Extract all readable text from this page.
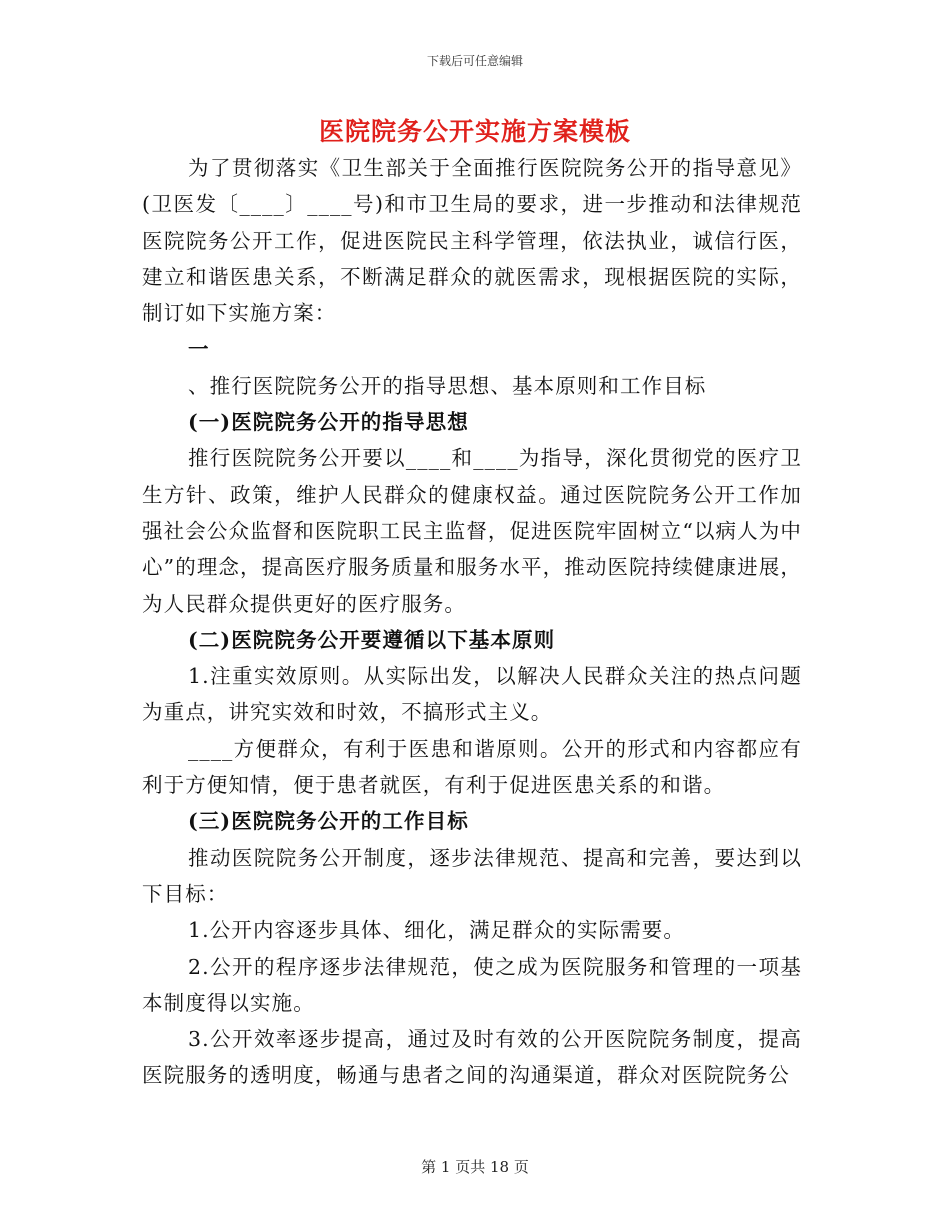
下载后可任意编辑
医院院务公开实施方案模板

为了贯彻落实《卫生部关于全面推行医院院务公开的指导意见》(卫医发〔____〕____号)和市卫生局的要求，进一步推动和法律规范医院院务公开工作，促进医院民主科学管理，依法执业，诚信行医，建立和谐医患关系，不断满足群众的就医需求，现根据医院的实际，制订如下实施方案：

一

、推行医院院务公开的指导思想、基本原则和工作目标

(一)医院院务公开的指导思想

推行医院院务公开要以____和____为指导，深化贯彻党的医疗卫生方针、政策，维护人民群众的健康权益。通过医院院务公开工作加强社会公众监督和医院职工民主监督，促进医院牢固树立“以病人为中心”的理念，提高医疗服务质量和服务水平，推动医院持续健康进展，为人民群众提供更好的医疗服务。

(二)医院院务公开要遵循以下基本原则

1.注重实效原则。从实际出发，以解决人民群众关注的热点问题为重点，讲究实效和时效，不搞形式主义。

____方便群众，有利于医患和谐原则。公开的形式和内容都应有利于方便知情，便于患者就医，有利于促进医患关系的和谐。

(三)医院院务公开的工作目标

推动医院院务公开制度，逐步法律规范、提高和完善，要达到以下目标：

1.公开内容逐步具体、细化，满足群众的实际需要。

2.公开的程序逐步法律规范，使之成为医院服务和管理的一项基本制度得以实施。

3.公开效率逐步提高，通过及时有效的公开医院院务制度，提高医院服务的透明度，畅通与患者之间的沟通渠道，群众对医院院务公

第 1 页共 18 页
